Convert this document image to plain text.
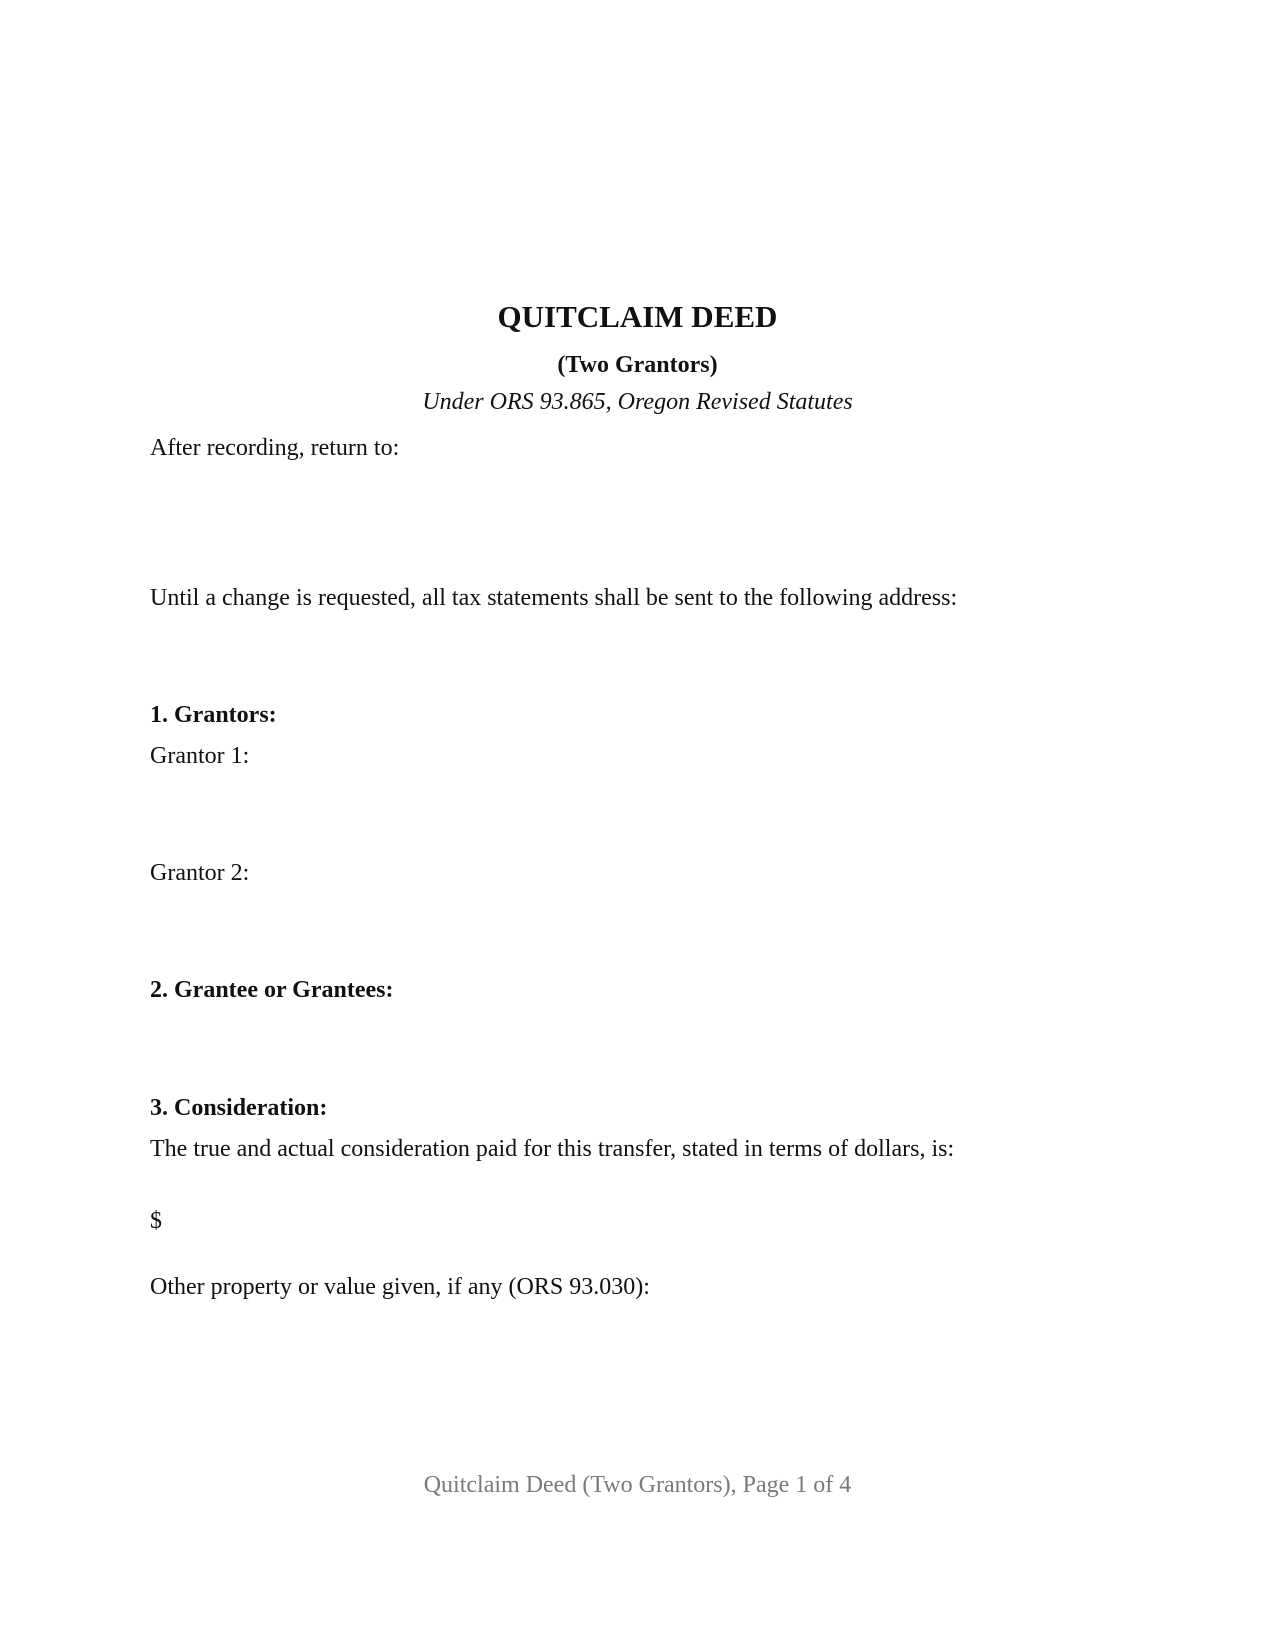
QUITCLAIM DEED
(Two Grantors)
Under ORS 93.865, Oregon Revised Statutes

After recording, return to:

Until a change is requested, all tax statements shall be sent to the following address:

1. Grantors:

Grantor 1:

Grantor 2:

2. Grantee or Grantees:
3. Consideration:

The true and actual consideration paid for this transfer, stated in terms of dollars, is:

$

Other property or value given, if any (ORS 93.030):

Quitclaim Deed (Two Grantors), Page 1 of 4
